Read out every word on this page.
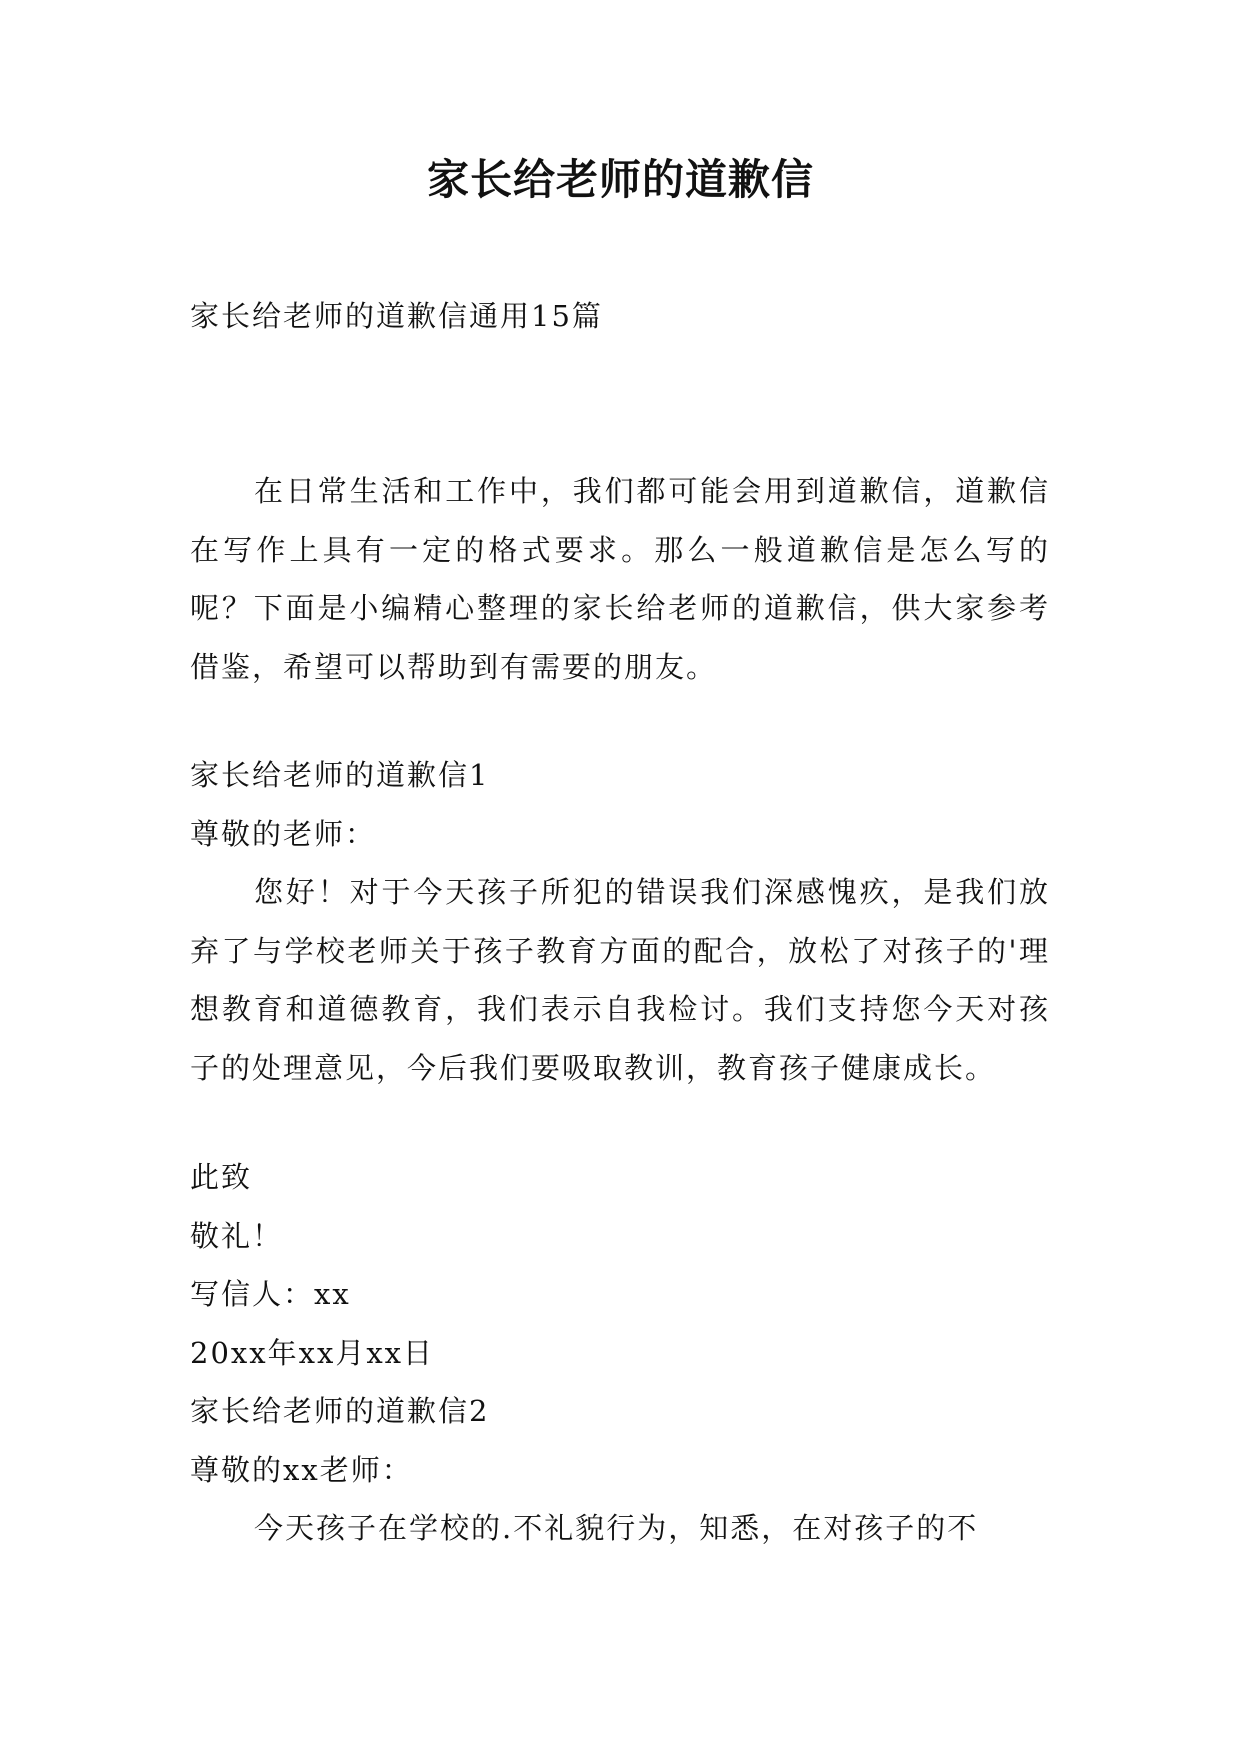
家长给老师的道歉信
家长给老师的道歉信通用15篇
在日常生活和工作中，我们都可能会用到道歉信，道歉信在写作上具有一定的格式要求。那么一般道歉信是怎么写的呢？下面是小编精心整理的家长给老师的道歉信，供大家参考借鉴，希望可以帮助到有需要的朋友。
家长给老师的道歉信1
尊敬的老师：
您好！对于今天孩子所犯的错误我们深感愧疚，是我们放弃了与学校老师关于孩子教育方面的配合，放松了对孩子的'理想教育和道德教育，我们表示自我检讨。我们支持您今天对孩子的处理意见，今后我们要吸取教训，教育孩子健康成长。
此致
敬礼！
写信人：xx
20xx年xx月xx日
家长给老师的道歉信2
尊敬的xx老师：
今天孩子在学校的.不礼貌行为，知悉，在对孩子的不
